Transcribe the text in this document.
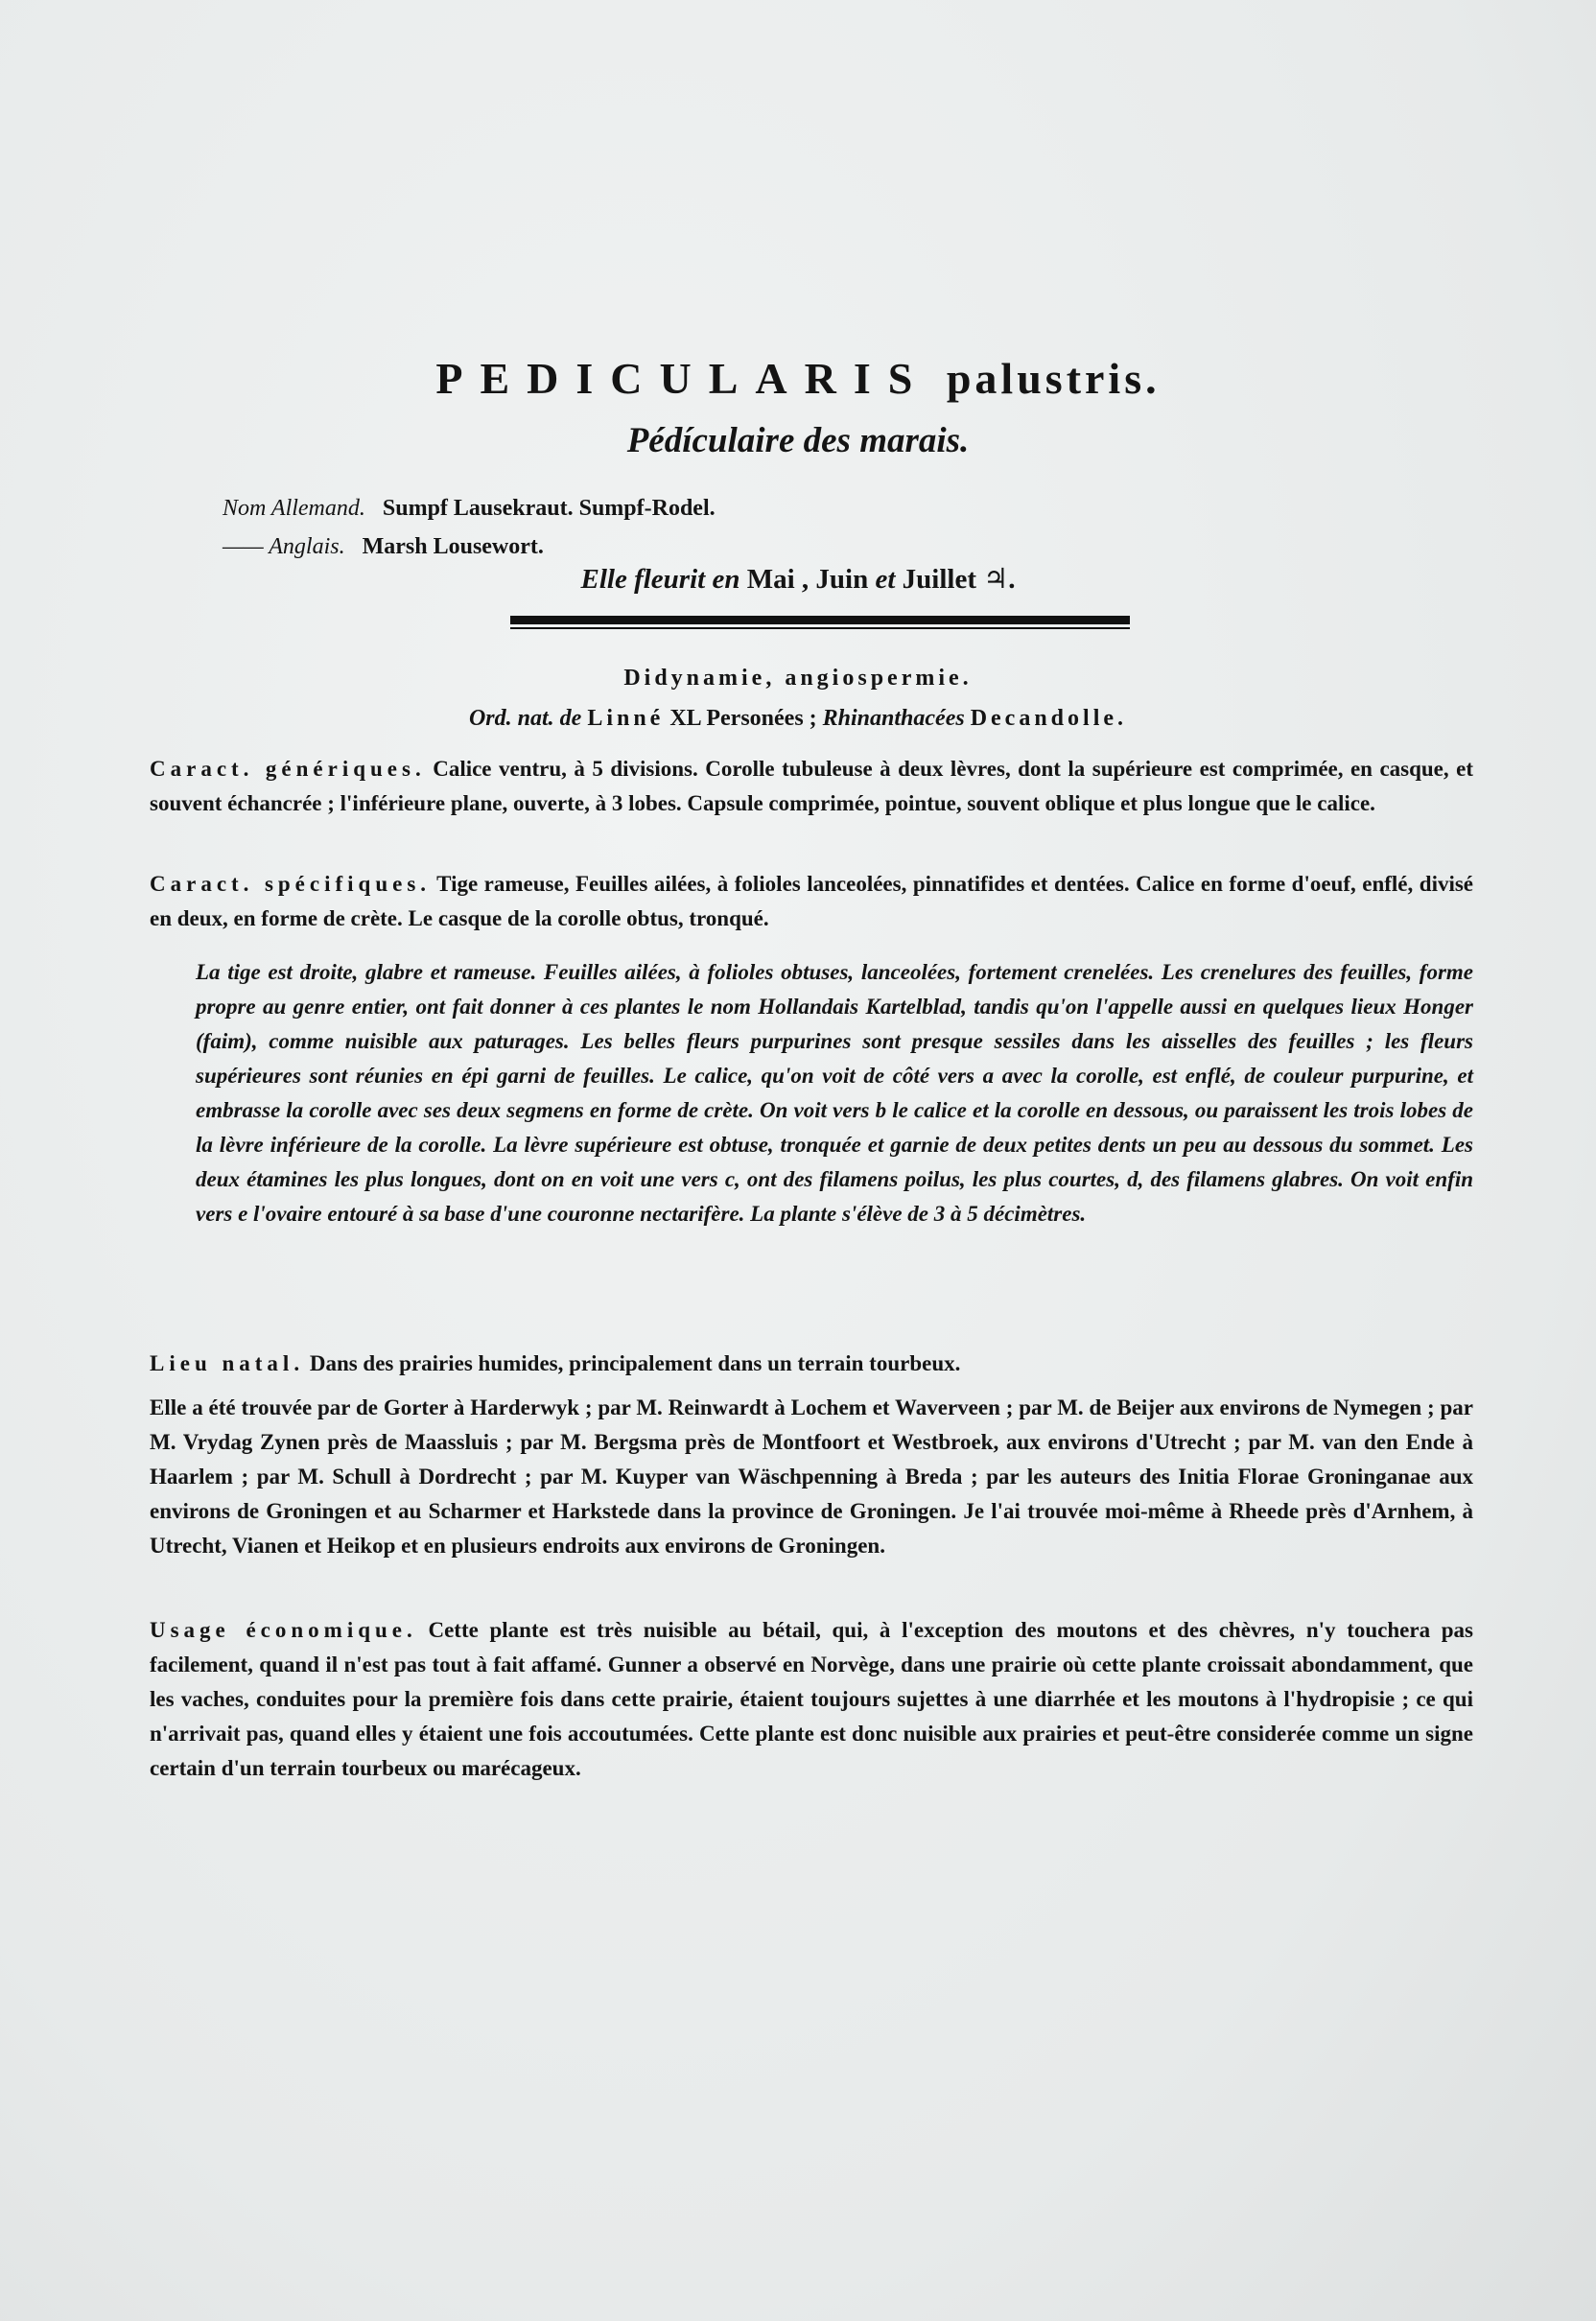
PEDICULARIS palustris.
Pédículaire des marais.
Nom Allemand. Sumpf Lausekraut. Sumpf-Rodel.
—— Anglais. Marsh Lousewort.
Elle fleurit en Mai , Juin et Juillet ♃.
Didynamie, angiospermie.
Ord. nat. de Linné XL Personées ; Rhinanthacées Decandolle.
Caract. génériques. Calice ventru, à 5 divisions. Corolle tubuleuse à deux lèvres, dont la supérieure est comprimée, en casque, et souvent échancrée ; l'inférieure plane, ouverte, à 3 lobes. Capsule comprimée, pointue, souvent oblique et plus longue que le calice.
Caract. spécifiques. Tige rameuse, Feuilles ailées, à folioles lanceolées, pinnatifides et dentées. Calice en forme d'oeuf, enflé, divisé en deux, en forme de crète. Le casque de la corolle obtus, tronqué.
La tige est droite, glabre et rameuse. Feuilles ailées, à folioles obtuses, lanceolées, fortement crenelées. Les crenelures des feuilles, forme propre au genre entier, ont fait donner à ces plantes le nom Hollandais Kartelblad, tandis qu'on l'appelle aussi en quelques lieux Honger (faim), comme nuisible aux paturages. Les belles fleurs purpurines sont presque sessiles dans les aisselles des feuilles ; les fleurs supérieures sont réunies en épi garni de feuilles. Le calice, qu'on voit de côté vers a avec la corolle, est enflé, de couleur purpurine, et embrasse la corolle avec ses deux segmens en forme de crète. On voit vers b le calice et la corolle en dessous, ou paraissent les trois lobes de la lèvre inférieure de la corolle. La lèvre supérieure est obtuse, tronquée et garnie de deux petites dents un peu au dessous du sommet. Les deux étamines les plus longues, dont on en voit une vers c, ont des filamens poilus, les plus courtes, d, des filamens glabres. On voit enfin vers e l'ovaire entouré à sa base d'une couronne nectarifère. La plante s'élève de 3 à 5 décimètres.
Lieu natal. Dans des prairies humides, principalement dans un terrain tourbeux.
Elle a été trouvée par de Gorter à Harderwyk ; par M. Reinwardt à Lochem et Waverveen ; par M. de Beijer aux environs de Nymegen ; par M. Vrydag Zynen près de Maassluis ; par M. Bergsma près de Montfoort et Westbroek, aux environs d'Utrecht ; par M. van den Ende à Haarlem ; par M. Schull à Dordrecht ; par M. Kuyper van Wäschpenning à Breda ; par les auteurs des Initia Florae Groninganae aux environs de Groningen et au Scharmer et Harkstede dans la province de Groningen. Je l'ai trouvée moi-même à Rheede près d'Arnhem, à Utrecht, Vianen et Heikop et en plusieurs endroits aux environs de Groningen.
Usage économique. Cette plante est très nuisible au bétail, qui, à l'exception des moutons et des chèvres, n'y touchera pas facilement, quand il n'est pas tout à fait affamé. Gunner a observé en Norvège, dans une prairie où cette plante croissait abondamment, que les vaches, conduites pour la première fois dans cette prairie, étaient toujours sujettes à une diarrhée et les moutons à l'hydropisie ; ce qui n'arrivait pas, quand elles y étaient une fois accoutumées. Cette plante est donc nuisible aux prairies et peut-être considerée comme un signe certain d'un terrain tourbeux ou marécageux.
